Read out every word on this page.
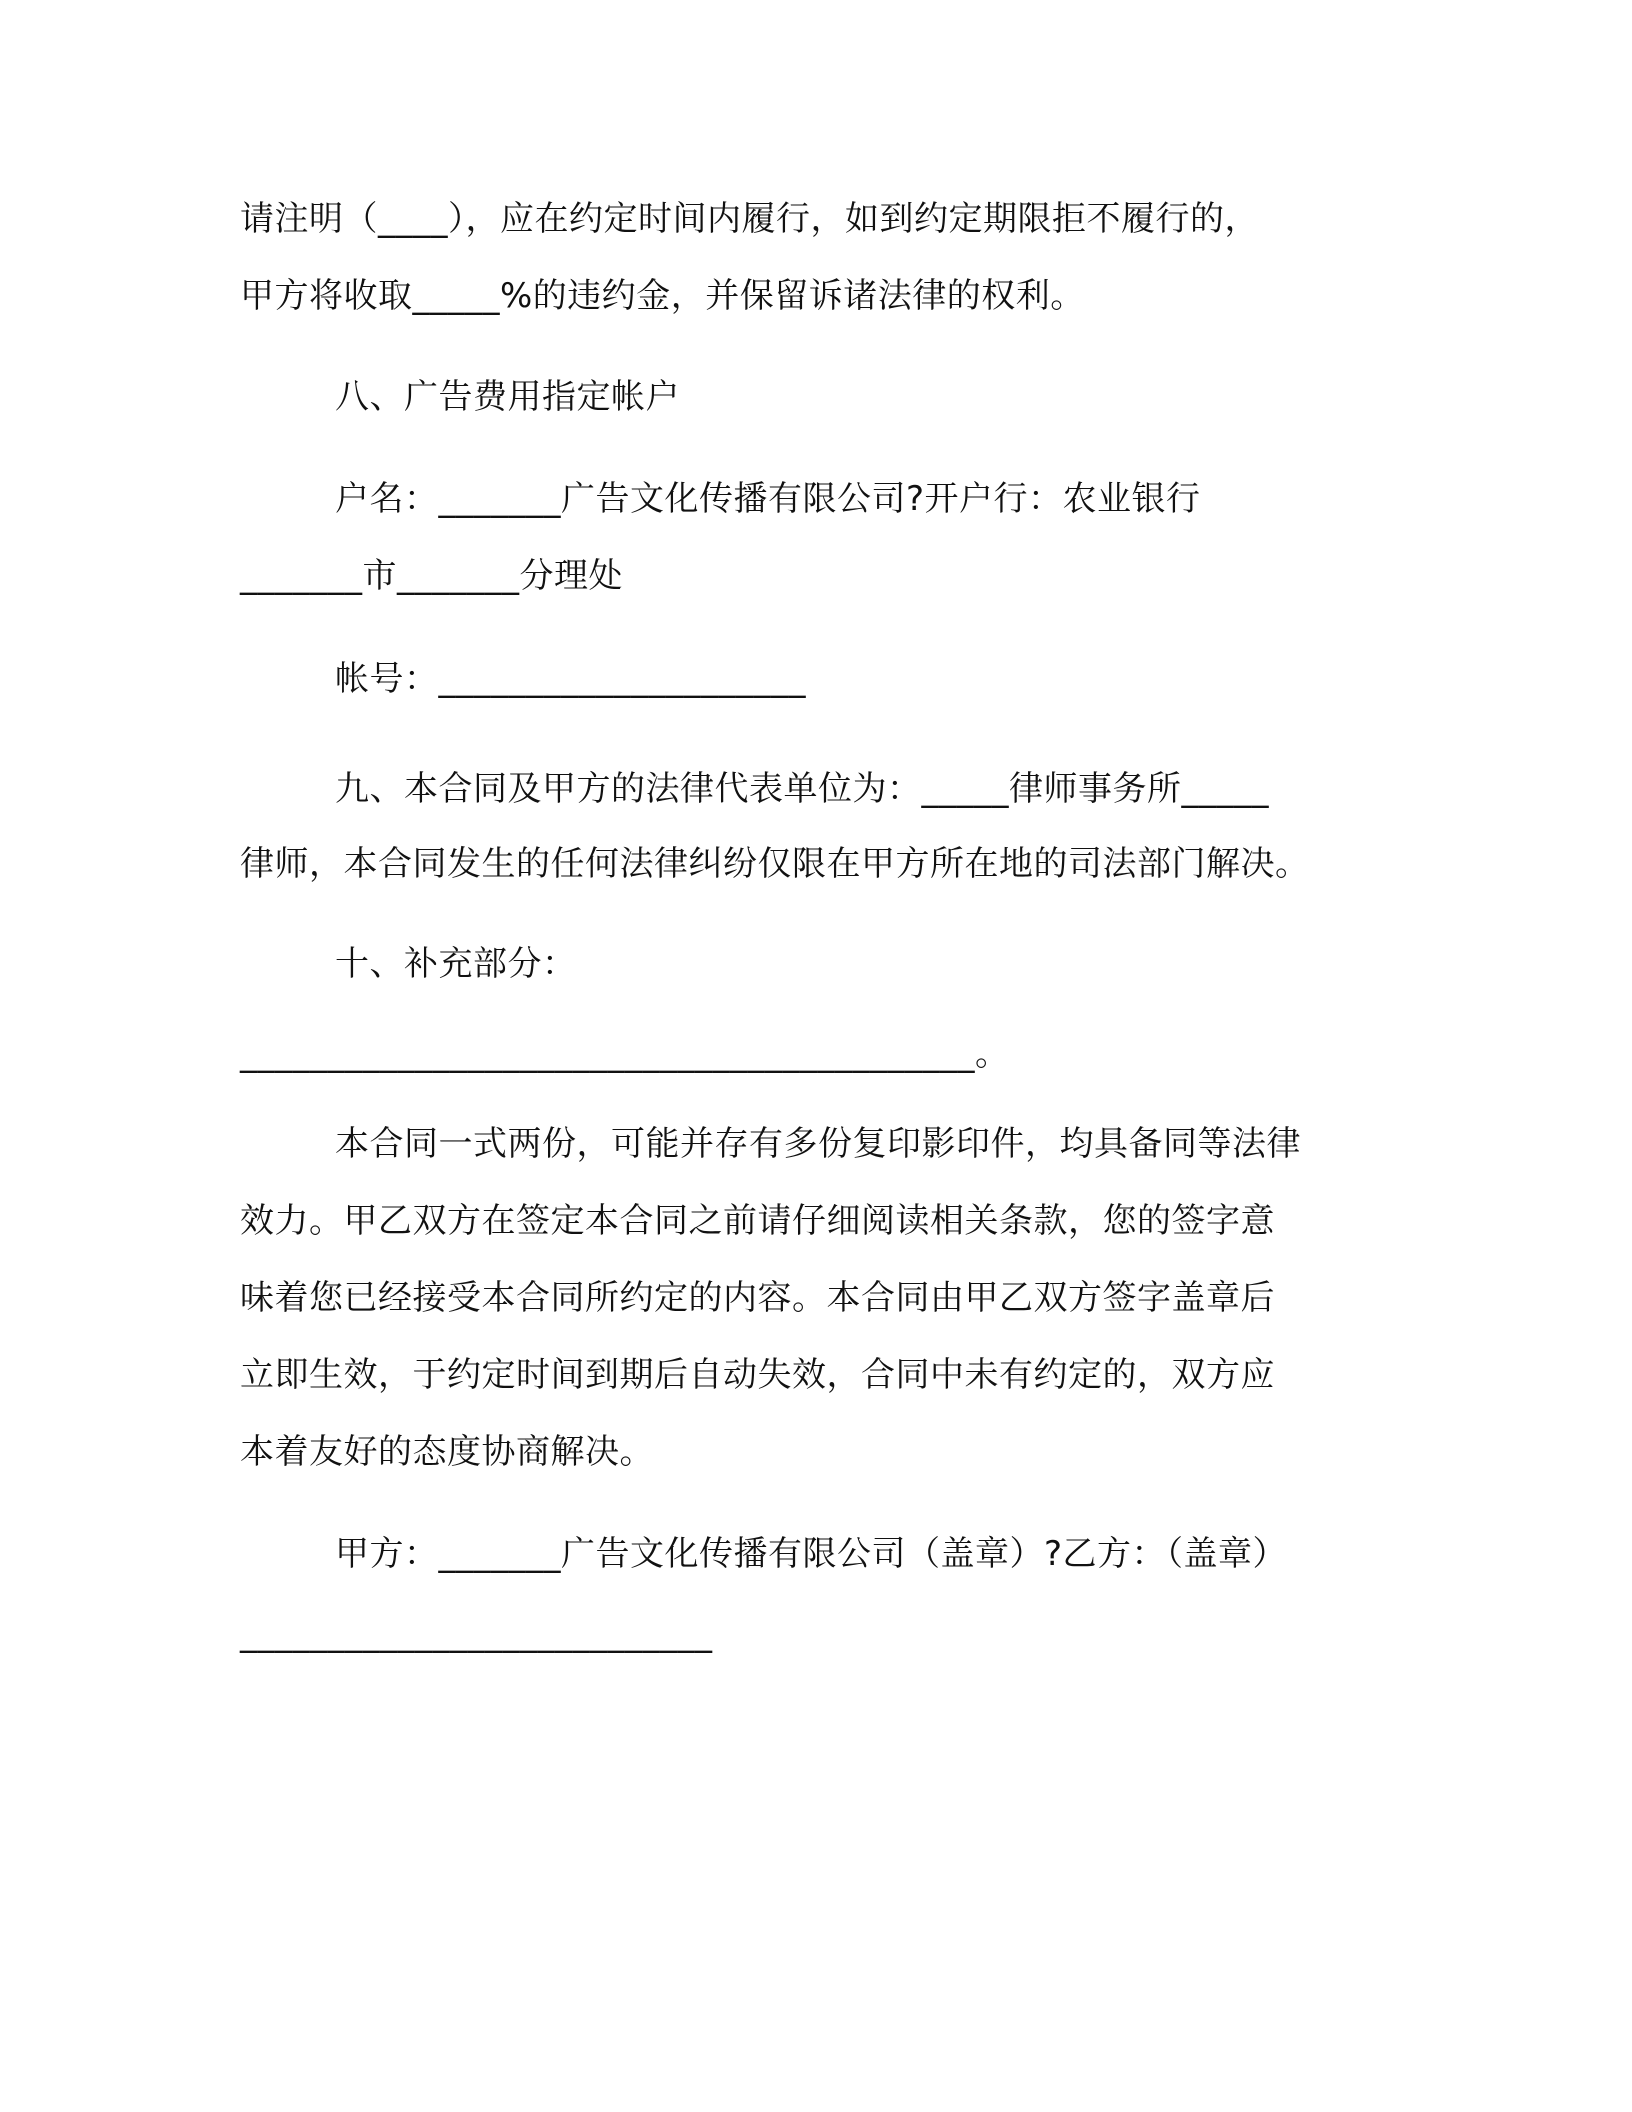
请注明（____），应在约定时间内履行，如到约定期限拒不履行的，
甲方将收取_____%的违约金，并保留诉诸法律的权利。
八、广告费用指定帐户
户名：_______广告文化传播有限公司?开户行：农业银行
_______市_______分理处
帐号：_____________________
九、本合同及甲方的法律代表单位为：_____律师事务所_____
律师，本合同发生的任何法律纠纷仅限在甲方所在地的司法部门解决。
十、补充部分：
__________________________________________。
本合同一式两份，可能并存有多份复印影印件，均具备同等法律
效力。甲乙双方在签定本合同之前请仔细阅读相关条款，您的签字意
味着您已经接受本合同所约定的内容。本合同由甲乙双方签字盖章后
立即生效，于约定时间到期后自动失效，合同中未有约定的，双方应
本着友好的态度协商解决。
甲方：_______广告文化传播有限公司（盖章）?乙方：（盖章）
___________________________
